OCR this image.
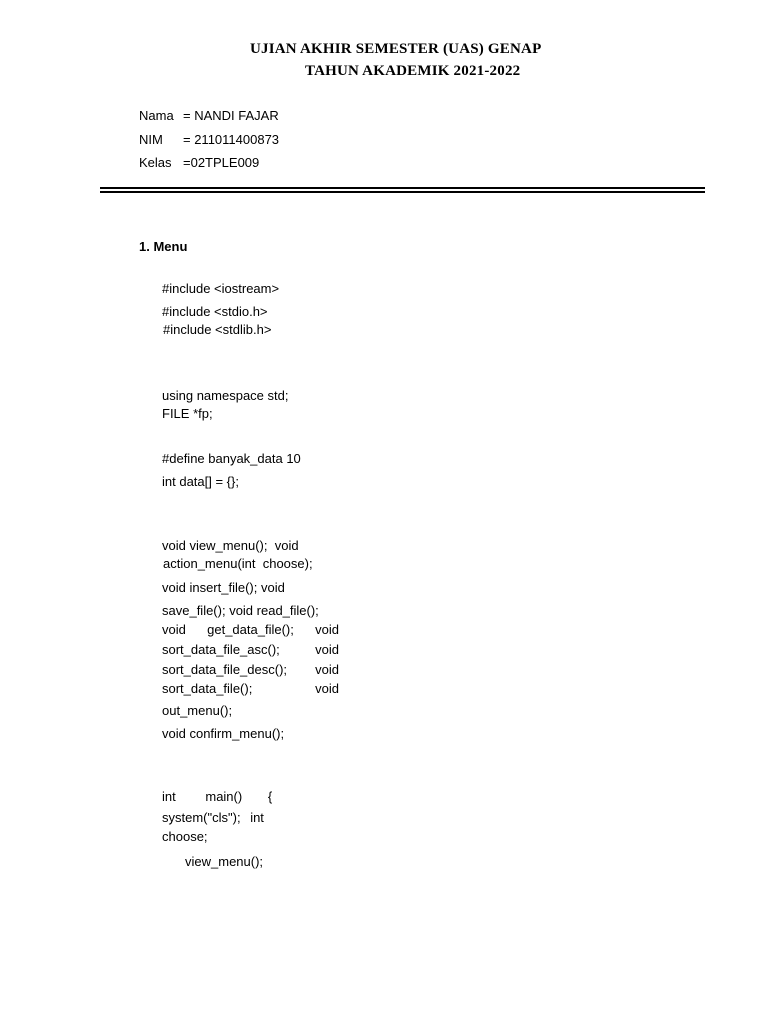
UJIAN AKHIR SEMESTER (UAS) GENAP
TAHUN AKADEMIK 2021-2022
Nama = NANDI FAJAR
NIM = 211011400873
Kelas =02TPLE009
1. Menu
#include <iostream>
#include <stdio.h>
#include <stdlib.h>
using namespace std;
FILE *fp;
#define banyak_data 10
int data[] = {};
void view_menu();  void
action_menu(int  choose);
void insert_file(); void
save_file(); void read_file();
void get_data_file(); void
sort_data_file_asc();	void
sort_data_file_desc(); void
sort_data_file();	void
out_menu();
void confirm_menu();
int main() {
system("cls"); int
choose;
view_menu();
